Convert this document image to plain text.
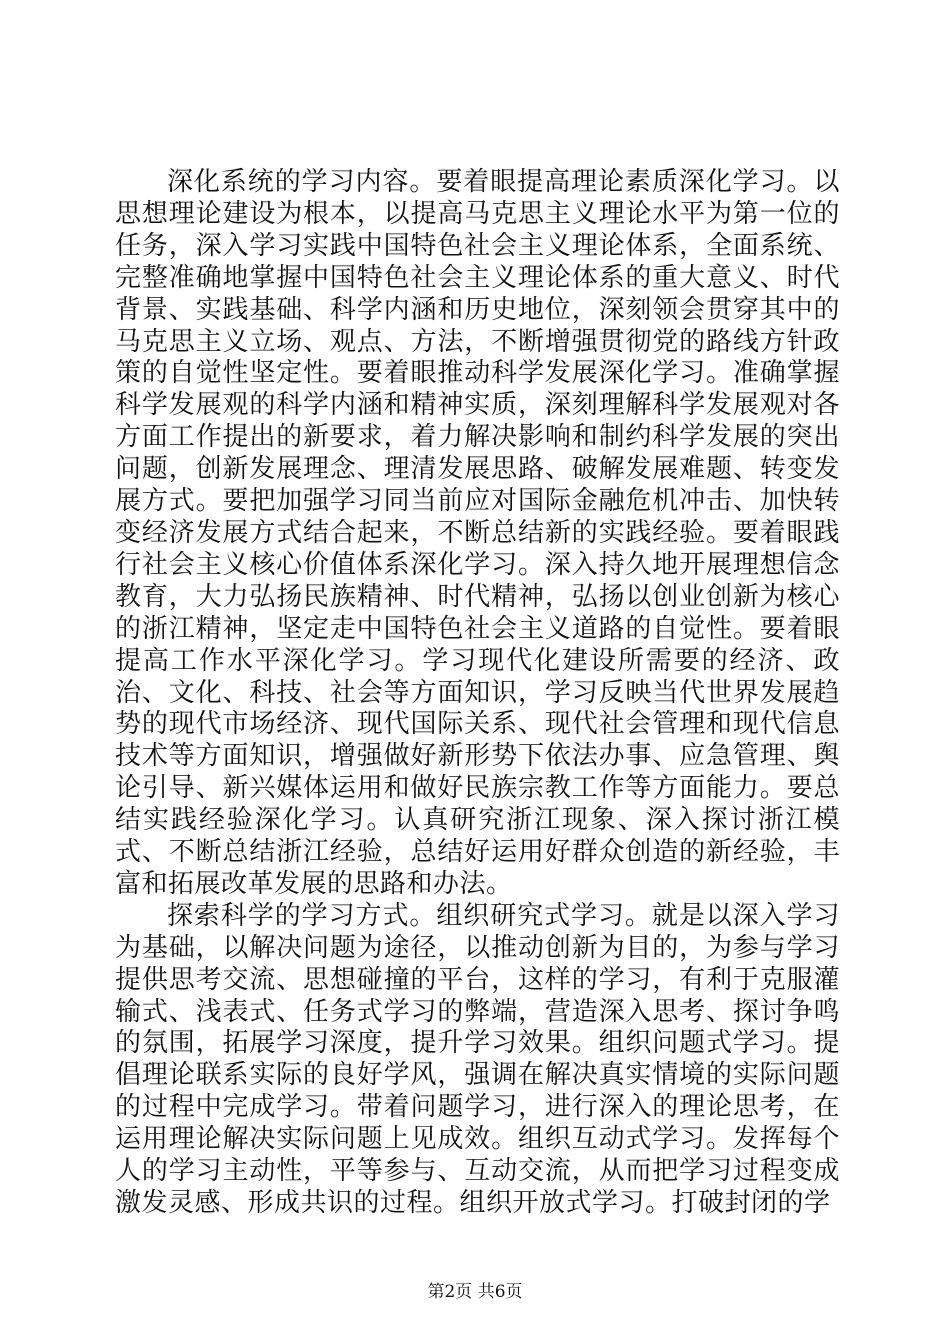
深化系统的学习内容。要着眼提高理论素质深化学习。以思想理论建设为根本，以提高马克思主义理论水平为第一位的任务，深入学习实践中国特色社会主义理论体系，全面系统、完整准确地掌握中国特色社会主义理论体系的重大意义、时代背景、实践基础、科学内涵和历史地位，深刻领会贯穿其中的马克思主义立场、观点、方法，不断增强贯彻党的路线方针政策的自觉性坚定性。要着眼推动科学发展深化学习。准确掌握科学发展观的科学内涵和精神实质，深刻理解科学发展观对各方面工作提出的新要求，着力解决影响和制约科学发展的突出问题，创新发展理念、理清发展思路、破解发展难题、转变发展方式。要把加强学习同当前应对国际金融危机冲击、加快转变经济发展方式结合起来，不断总结新的实践经验。要着眼践行社会主义核心价值体系深化学习。深入持久地开展理想信念教育，大力弘扬民族精神、时代精神，弘扬以创业创新为核心的浙江精神，坚定走中国特色社会主义道路的自觉性。要着眼提高工作水平深化学习。学习现代化建设所需要的经济、政治、文化、科技、社会等方面知识，学习反映当代世界发展趋势的现代市场经济、现代国际关系、现代社会管理和现代信息技术等方面知识，增强做好新形势下依法办事、应急管理、舆论引导、新兴媒体运用和做好民族宗教工作等方面能力。要总结实践经验深化学习。认真研究浙江现象、深入探讨浙江模式、不断总结浙江经验，总结好运用好群众创造的新经验，丰富和拓展改革发展的思路和办法。

探索科学的学习方式。组织研究式学习。就是以深入学习为基础，以解决问题为途径，以推动创新为目的，为参与学习提供思考交流、思想碰撞的平台，这样的学习，有利于克服灌输式、浅表式、任务式学习的弊端，营造深入思考、探讨争鸣的氛围，拓展学习深度，提升学习效果。组织问题式学习。提倡理论联系实际的良好学风，强调在解决真实情境的实际问题的过程中完成学习。带着问题学习，进行深入的理论思考，在运用理论解决实际问题上见成效。组织互动式学习。发挥每个人的学习主动性，平等参与、互动交流，从而把学习过程变成激发灵感、形成共识的过程。组织开放式学习。打破封闭的学

第2页 共6页
